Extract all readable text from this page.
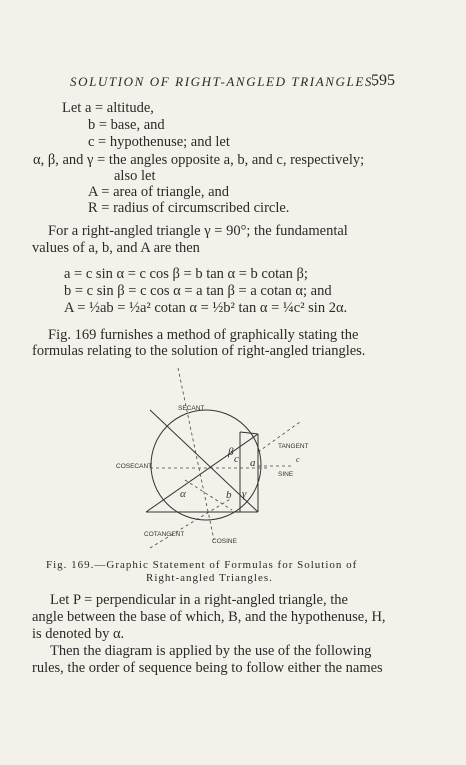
SOLUTION OF RIGHT-ANGLED TRIANGLES.
595
Let a = altitude,
b = base, and
c = hypothenuse; and let
α, β, and γ = the angles opposite a, b, and c, respectively;
also let
A = area of triangle, and
R = radius of circumscribed circle.
For a right-angled triangle γ = 90°; the fundamental
values of a, b, and A are then
a = c sin α = c cos β = b tan α = b cotan β;
b = c sin β = c cos α = a tan β = a cotan α; and
A = ½ab = ½a² cotan α = ½b² tan α = ¼c² sin 2α.
Fig. 169 furnishes a method of graphically stating the
formulas relating to the solution of right-angled triangles.
SECANT
TANGENT
SINE
COSECANT
COTANGENT
COSINE
c a
b
α
β
γ
c
Fig. 169.—Graphic Statement of Formulas for Solution of
Right-angled Triangles.
Let P = perpendicular in a right-angled triangle, the
angle between the base of which, B, and the hypothenuse, H,
is denoted by α.
Then the diagram is applied by the use of the following
rules, the order of sequence being to follow either the names
